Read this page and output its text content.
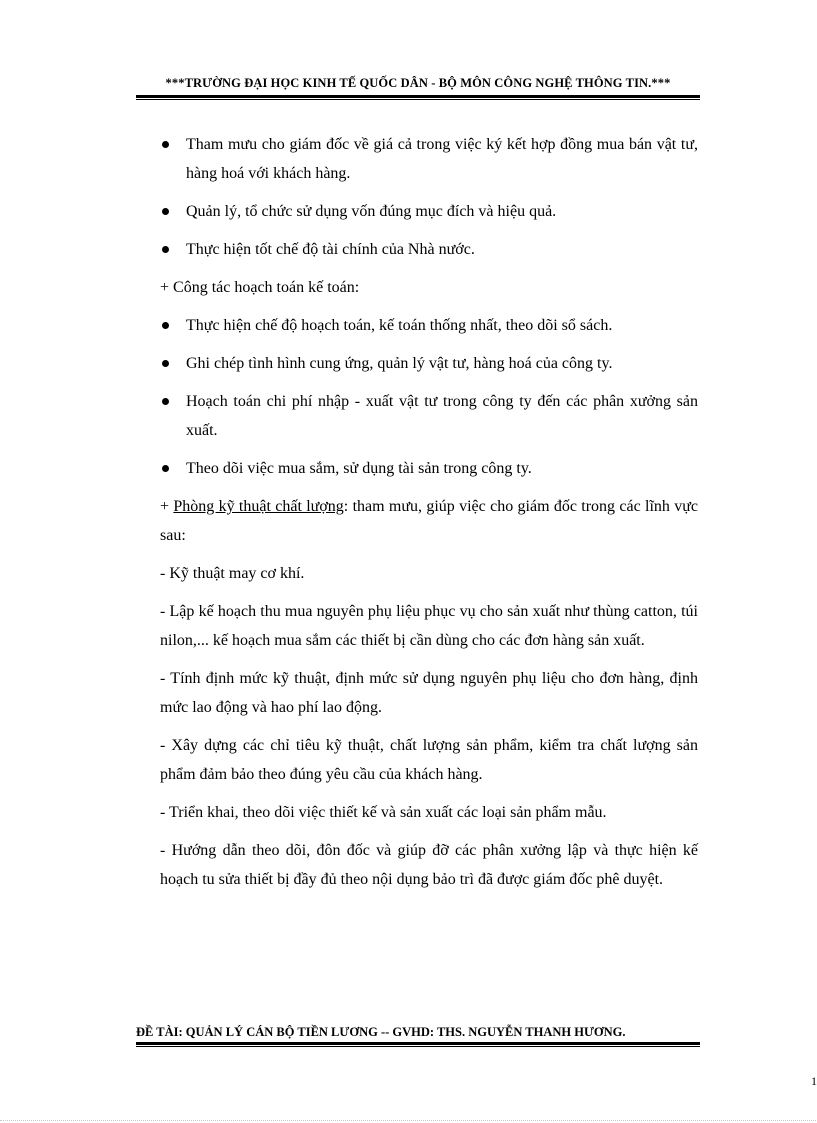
***TRƯỜNG ĐẠI HỌC KINH TẾ QUỐC DÂN - BỘ MÔN CÔNG NGHỆ THÔNG TIN.***
Tham mưu cho giám đốc về giá cả trong việc ký kết hợp đồng mua bán vật tư, hàng hoá với khách hàng.
Quản lý, tổ chức sử dụng vốn đúng mục đích và hiệu quả.
Thực hiện tốt chế độ tài chính của Nhà nước.
+ Công tác hoạch toán kế toán:
Thực hiện chế độ hoạch toán, kế toán thống nhất, theo dõi sổ sách.
Ghi chép tình hình cung ứng, quản lý vật tư, hàng hoá của công ty.
Hoạch toán chi phí nhập - xuất vật tư trong công ty đến các phân xưởng sản xuất.
Theo dõi việc mua sắm, sử dụng tài sản trong công ty.
+ Phòng kỹ thuật chất lượng: tham mưu, giúp việc cho giám đốc trong các lĩnh vực sau:
- Kỹ thuật may cơ khí.
- Lập kế hoạch thu mua nguyên phụ liệu phục vụ cho sản xuất như thùng catton, túi nilon,... kế hoạch mua sắm các thiết bị cần dùng cho các đơn hàng sản xuất.
- Tính định mức kỹ thuật, định mức sử dụng nguyên phụ liệu cho đơn hàng, định mức lao động và hao phí lao động.
- Xây dựng các chỉ tiêu kỹ thuật, chất lượng sản phẩm, kiểm tra chất lượng sản phẩm đảm bảo theo đúng yêu cầu của khách hàng.
- Triển khai, theo dõi việc thiết kế và sản xuất các loại sản phẩm mẫu.
- Hướng dẫn theo dõi, đôn đốc và giúp đỡ các phân xưởng lập và thực hiện kế hoạch tu sửa thiết bị đầy đủ theo nội dụng bảo trì đã được giám đốc phê duyệt.
ĐỀ TÀI: QUẢN LÝ CÁN BỘ TIỀN LƯƠNG -- GVHD: THS. NGUYỄN THANH HƯƠNG.
1
